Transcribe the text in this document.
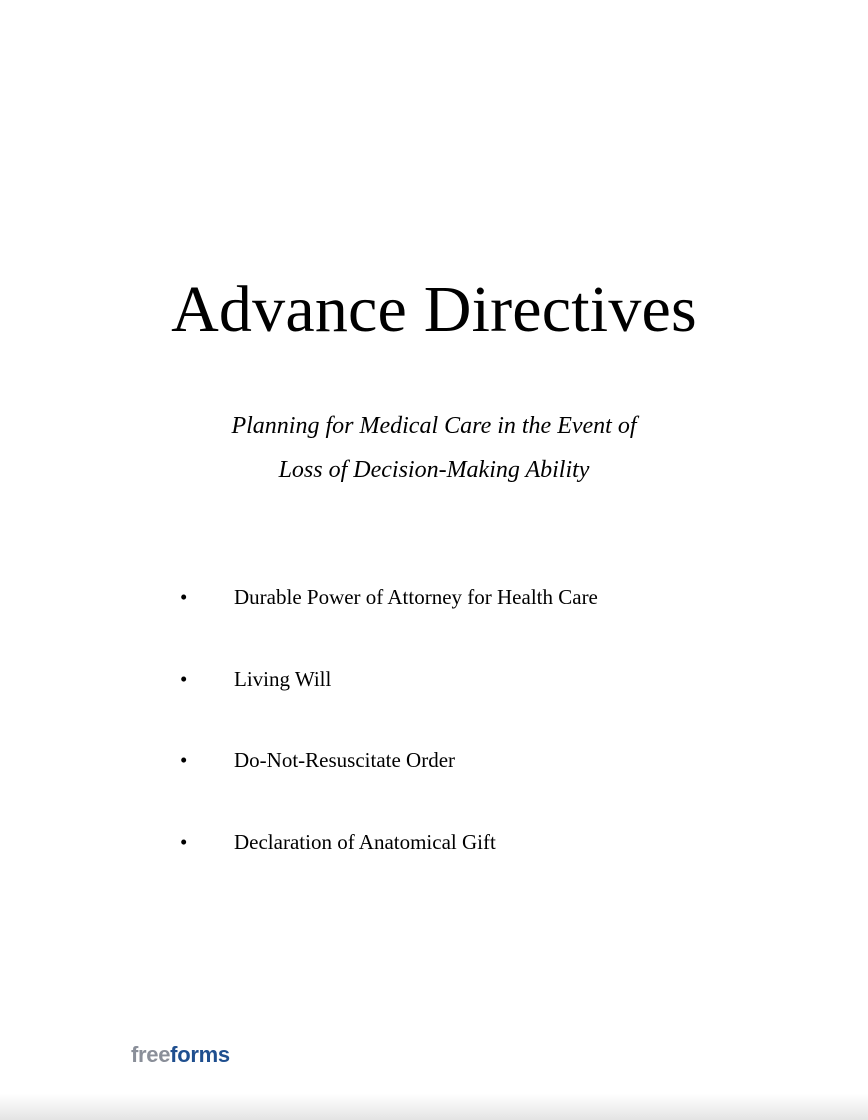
Advance Directives
Planning for Medical Care in the Event of
Loss of Decision-Making Ability
• Durable Power of Attorney for Health Care
• Living Will
• Do-Not-Resuscitate Order
• Declaration of Anatomical Gift
freeforms
